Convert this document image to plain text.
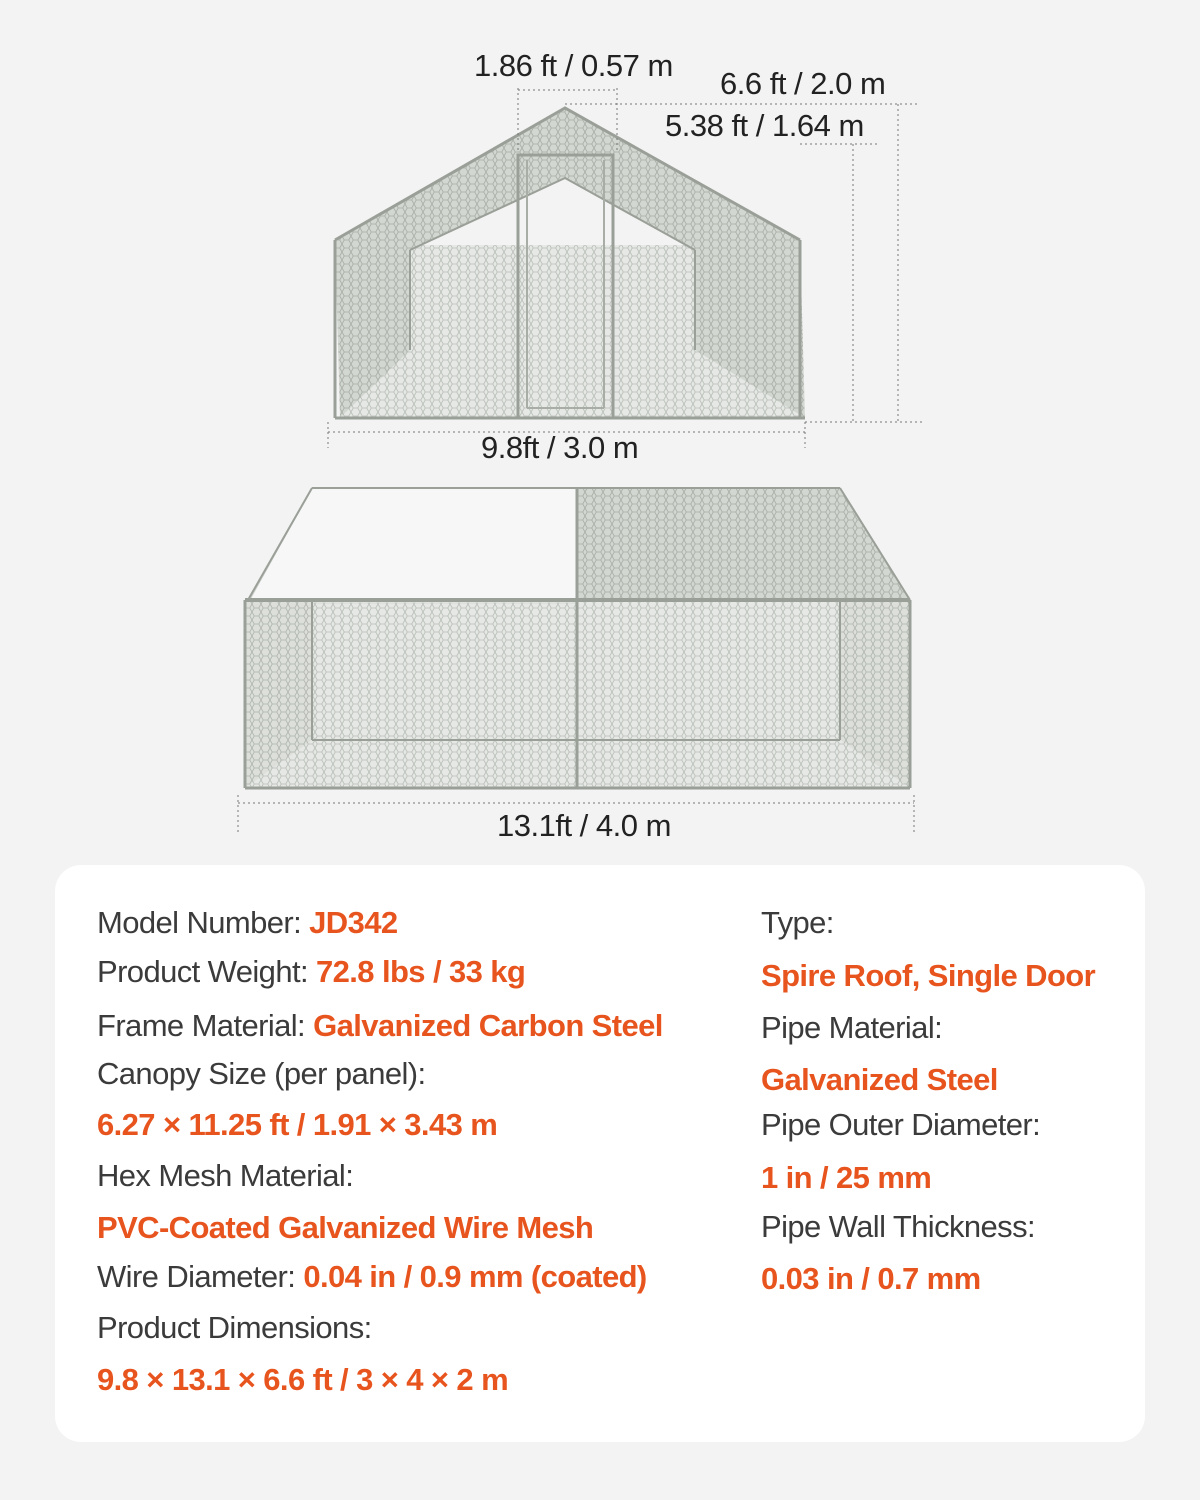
1.86 ft / 0.57 m
6.6 ft / 2.0 m
5.38 ft / 1.64 m
9.8ft / 3.0 m
13.1ft / 4.0 m
Model Number: JD342
Product Weight: 72.8 lbs / 33 kg
Frame Material: Galvanized Carbon Steel
Canopy Size (per panel):
6.27 × 11.25 ft / 1.91 × 3.43 m
Hex Mesh Material:
PVC-Coated Galvanized Wire Mesh
Wire Diameter: 0.04 in / 0.9 mm (coated)
Product Dimensions:
9.8 × 13.1 × 6.6 ft / 3 × 4 × 2 m
Type:
Spire Roof, Single Door
Pipe Material:
Galvanized Steel
Pipe Outer Diameter:
1 in / 25 mm
Pipe Wall Thickness:
0.03 in / 0.7 mm
